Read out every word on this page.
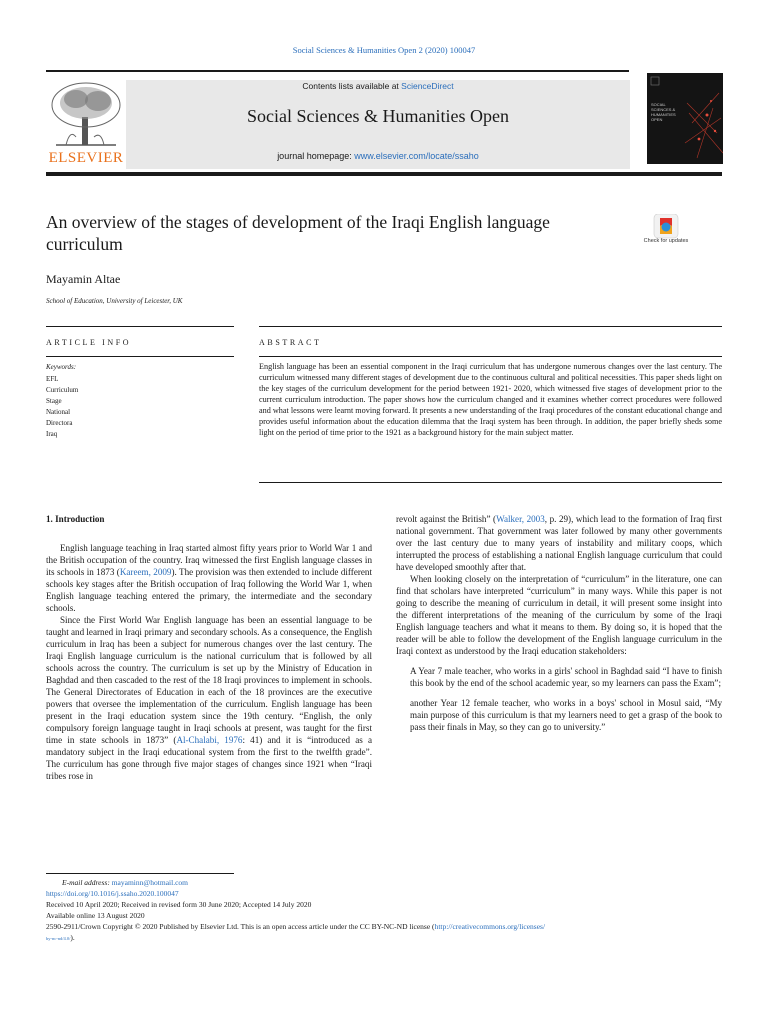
Social Sciences & Humanities Open 2 (2020) 100047
ELSEVIER
Contents lists available at ScienceDirect
Social Sciences & Humanities Open
journal homepage: www.elsevier.com/locate/ssaho
SOCIAL SCIENCES & HUMANITIES OPEN
An overview of the stages of development of the Iraqi English language curriculum	Check for updates
Mayamin Altae
School of Education, University of Leicester, UK
ARTICLE INFO	ABSTRACT
Keywords:
EFL
Curriculum
Stage
National
Directora
Iraq
English language has been an essential component in the Iraqi curriculum that has undergone numerous changes over the last century. The curriculum witnessed many different stages of development due to the continuous cultural and political necessities. This paper sheds light on the key stages of the curriculum development for the period between 1921- 2020, which witnessed five stages of development prior to the current curriculum introduction. The paper shows how the curriculum changed and it examines whether correct procedures were followed and what lessons were learnt moving forward. It presents a new understanding of the Iraqi procedures of the constant educational change and provides useful information about the education dilemma that the Iraqi system has been through. In addition, the paper briefly sheds some light on the period of time prior to the 1921 as a background history for the main subject matter.

1. Introduction

English language teaching in Iraq started almost fifty years prior to World War 1 and the British occupation of the country. Iraq witnessed the first English language classes in its schools in 1873 (Kareem, 2009). The provision was then extended to include different schools key stages after the British occupation of Iraq following the World War 1, when English language teaching entered the primary, the intermediate and the secondary schools.

Since the First World War English language has been an essential language to be taught and learned in Iraqi primary and secondary schools. As a consequence, the English curriculum in Iraq has been a subject for numerous changes over the last century. The Iraqi English language curriculum is the national curriculum that is followed by all schools across the country. The curriculum is set up by the Ministry of Education in Baghdad and then cascaded to the rest of the 18 Iraqi provinces to implement in schools. The General Directorates of Education in each of the 18 provinces are the executive powers that oversee the implementation of the curriculum. English language has been present in the Iraqi education system since the 19th century. “English, the only compulsory foreign language taught in Iraqi schools at present, was taught for the first time in state schools in 1873” (Al-Chalabi, 1976: 41) and it is “introduced as a mandatory subject in the Iraqi educational system from the first to the twelfth grade”. The curriculum has gone through five major stages of changes since 1921 when “Iraqi tribes rose in

revolt against the British” (Walker, 2003, p. 29), which lead to the formation of Iraq first national government. That government was later followed by many other governments over the last century due to many years of instability and military coops, which interrupted the process of establishing a national English language curriculum that could have developed smoothly after that.

When looking closely on the interpretation of “curriculum” in the literature, one can find that scholars have interpreted “curriculum” in many ways. While this paper is not going to describe the meaning of curriculum in detail, it will present some insight into the different interpretations of the meaning of the curriculum by some of the Iraqi English language teachers and what it means to them. By doing so, it is hoped that the reader will be able to follow the development of the English language curriculum in the Iraqi context as understood by the Iraqi education stakeholders:

A Year 7 male teacher, who works in a girls' school in Baghdad said “I have to finish this book by the end of the school academic year, so my learners can pass the Exam”;

another Year 12 female teacher, who works in a boys' school in Mosul said, “My main purpose of this curriculum is that my learners need to get a grasp of the book to pass their finals in May, so they can go to university.”

E-mail address: mayaminn@hotmail.com
https://doi.org/10.1016/j.ssaho.2020.100047
Received 10 April 2020; Received in revised form 30 June 2020; Accepted 14 July 2020
Available online 13 August 2020
2590-2911/Crown Copyright © 2020 Published by Elsevier Ltd. This is an open access article under the CC BY-NC-ND license (http://creativecommons.org/licenses/
by-nc-nd/4.0/).
